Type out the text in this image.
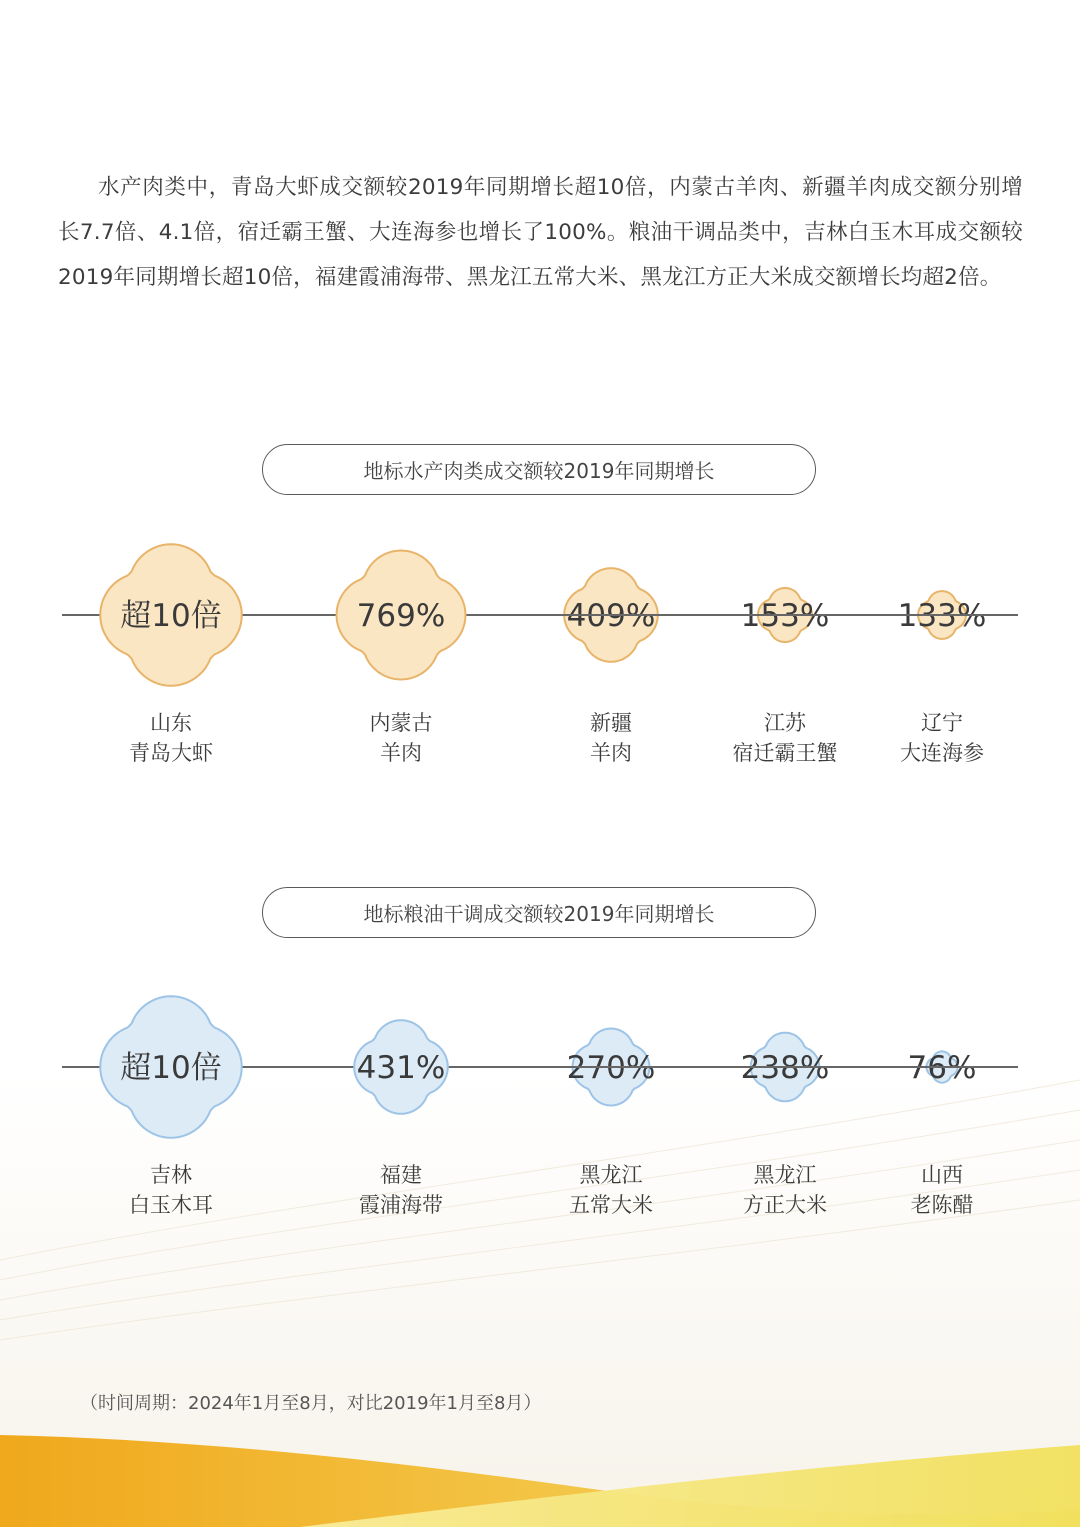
水产肉类中，青岛大虾成交额较2019年同期增长超10倍，内蒙古羊肉、新疆羊肉成交额分别增长7.7倍、4.1倍，宿迁霸王蟹、大连海参也增长了100%。粮油干调品类中，吉林白玉木耳成交额较2019年同期增长超10倍，福建霞浦海带、黑龙江五常大米、黑龙江方正大米成交额增长均超2倍。

地标水产肉类成交额较2019年同期增长
地标粮油干调成交额较2019年同期增长
超10倍	769%	409%	153% 133%
超10倍	431%	270%	238%	76%
山东
青岛大虾
内蒙古
羊肉
新疆
羊肉
江苏
宿迁霸王蟹
辽宁
大连海参
吉林
白玉木耳
福建
霞浦海带
黑龙江
五常大米
黑龙江
方正大米
山西
老陈醋
（时间周期：2024年1月至8月，对比2019年1月至8月）
